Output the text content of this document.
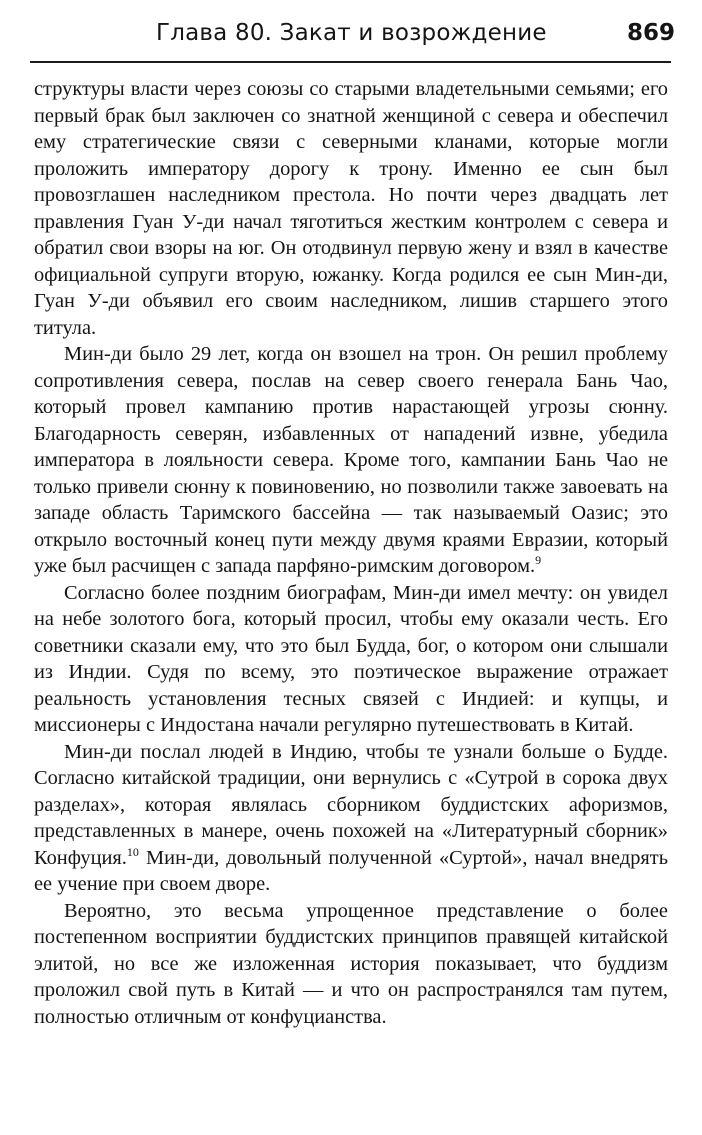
Глава 80. Закат и возрождение	869

структуры власти через союзы со старыми владетельными семьями; его первый брак был заключен со знатной женщиной с севера и обеспечил ему стратегические связи с северными кланами, которые могли проложить императору дорогу к трону. Именно ее сын был провозглашен наследником престола. Но почти через двадцать лет правления Гуан У-ди начал тяготиться жестким контролем с севера и обратил свои взоры на юг. Он отодвинул первую жену и взял в качестве официальной супруги вторую, южанку. Когда родился ее сын Мин-ди, Гуан У-ди объявил его своим наследником, лишив старшего этого титула.

Мин-ди было 29 лет, когда он взошел на трон. Он решил проблему сопротивления севера, послав на север своего генерала Бань Чао, который провел кампанию против нарастающей угрозы сюнну. Благодарность северян, избавленных от нападений извне, убедила императора в лояльности севера. Кроме того, кампании Бань Чао не только привели сюнну к повиновению, но позволили также завоевать на западе область Таримского бассейна — так называемый Оазис; это открыло восточный конец пути между двумя краями Евразии, который уже был расчищен с запада парфяно-римским договором.$^9$

Согласно более поздним биографам, Мин-ди имел мечту: он увидел на небе золотого бога, который просил, чтобы ему оказали честь. Его советники сказали ему, что это был Будда, бог, о котором они слышали из Индии. Судя по всему, это поэтическое выражение отражает реальность установления тесных связей с Индией: и купцы, и миссионеры с Индостана начали регулярно путешествовать в Китай.

Мин-ди послал людей в Индию, чтобы те узнали больше о Будде. Согласно китайской традиции, они вернулись с «Сутрой в сорока двух разделах», которая являлась сборником буддистских афоризмов, представленных в манере, очень похожей на «Литературный сборник» Конфуция.$^{10}$ Мин-ди, довольный полученной «Суртой», начал внедрять ее учение при своем дворе.

Вероятно, это весьма упрощенное представление о более постепенном восприятии буддистских принципов правящей китайской элитой, но все же изложенная история показывает, что буддизм проложил свой путь в Китай — и что он распространялся там путем, полностью отличным от конфуцианства.
